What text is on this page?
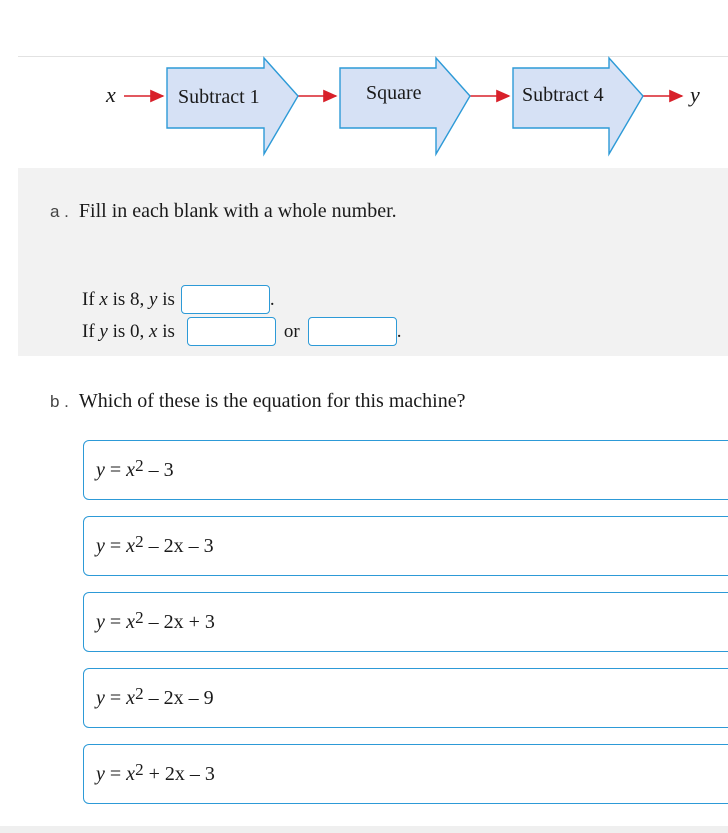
x	Subtract 1	Square	Subtract 4	y
a . Fill in each blank with a whole number.
If
x
is 8,
y
is	.
If
y
is 0,
x
is	or	.
b . Which of these is the equation for this machine?
$y = x^2 - 3$
$y = x^2 - 2x - 3$
$y = x^2 - 2x + 3$
$y = x^2 - 2x - 9$
$y = x^2 + 2x - 3$
